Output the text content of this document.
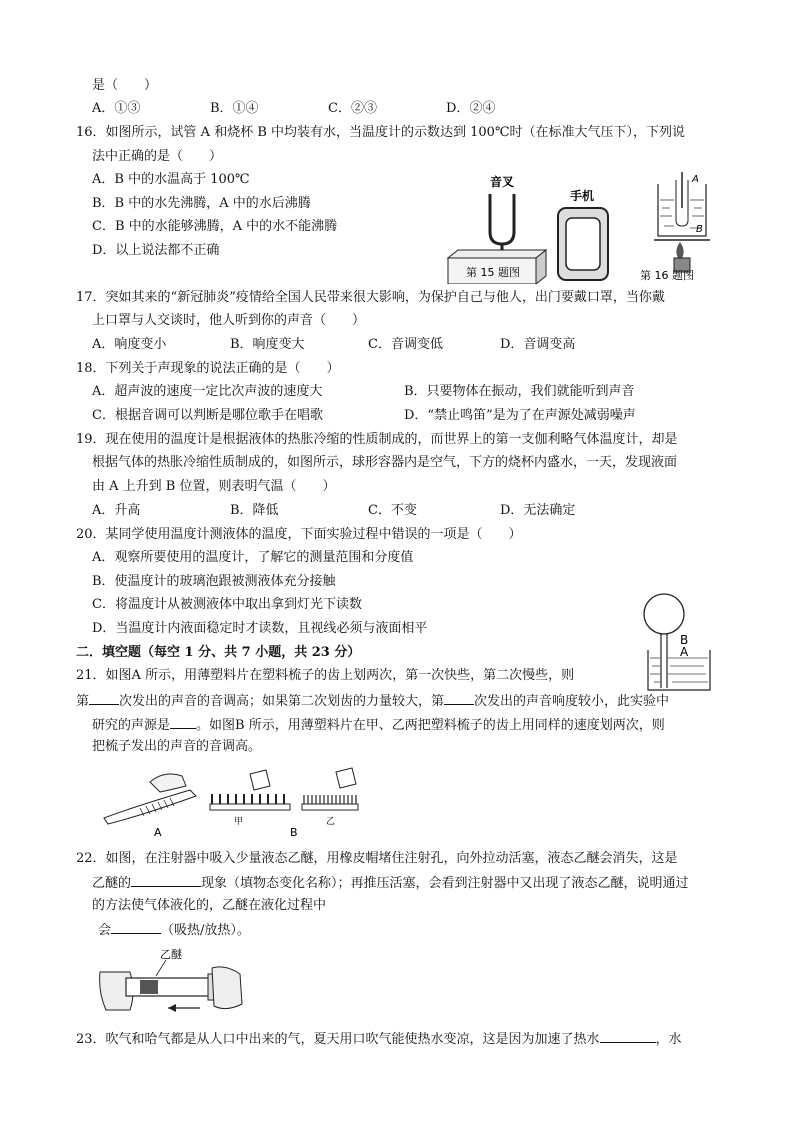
是（　　）
A．①③	B．①④	C．②③	D．②④
16．如图所示，试管 A 和烧杯 B 中均装有水，当温度计的示数达到 100℃时（在标准大气压下），下列说
法中正确的是（　　）
A．B 中的水温高于 100℃
B．B 中的水先沸腾，A 中的水后沸腾
C．B 中的水能够沸腾，A 中的水不能沸腾
D．以上说法都不正确
音叉
第 15 题图
手机
A
B
第 16 题图
17．突如其来的“新冠肺炎”疫情给全国人民带来很大影响，为保护自己与他人，出门要戴口罩，当你戴
上口罩与人交谈时，他人听到你的声音（　　）
A．响度变小	B．响度变大	C．音调变低	D．音调变高
18．下列关于声现象的说法正确的是（　　）
A．超声波的速度一定比次声波的速度大	B．只要物体在振动，我们就能听到声音
C．根据音调可以判断是哪位歌手在唱歌	D．“禁止鸣笛”是为了在声源处减弱噪声
19．现在使用的温度计是根据液体的热胀冷缩的性质制成的，而世界上的第一支伽利略气体温度计，却是
根据气体的热胀冷缩性质制成的，如图所示，球形容器内是空气，下方的烧杯内盛水，一天，发现液面
由 A 上升到 B 位置，则表明气温（　　）
A．升高	B．降低	C．不变	D．无法确定
20．某同学使用温度计测液体的温度，下面实验过程中错误的一项是（　　）
A．观察所要使用的温度计，了解它的测量范围和分度值
B．使温度计的玻璃泡跟被测液体充分接触
C．将温度计从被测液体中取出拿到灯光下读数
D．当温度计内液面稳定时才读数，且视线必须与液面相平
B
A
二．填空题（每空 1 分、共 7 小题，共 23 分）
21．如图A 所示，用薄塑料片在塑料梳子的齿上划两次，第一次快些，第二次慢些，则
第 次发出的声音的音调高；如果第二次划齿的力量较大，第 次发出的声音响度较小，此实验中
研究的声源是 。如图B 所示，用薄塑料片在甲、乙两把塑料梳子的齿上用同样的速度划两次，则
把梳子发出的声音的音调高。
A
甲	乙
B
22．如图，在注射器中吸入少量液态乙醚，用橡皮帽堵住注射孔，向外拉动活塞，液态乙醚会消失，这是
乙醚的	现象（填物态变化名称）；再推压活塞，会看到注射器中又出现了液态乙醚，说明通过
的方法使气体液化的，乙醚在液化过程中
会	（吸热/放热）。
乙醚
23．吹气和哈气都是从人口中出来的气，夏天用口吹气能使热水变凉，这是因为加速了热水	，水
